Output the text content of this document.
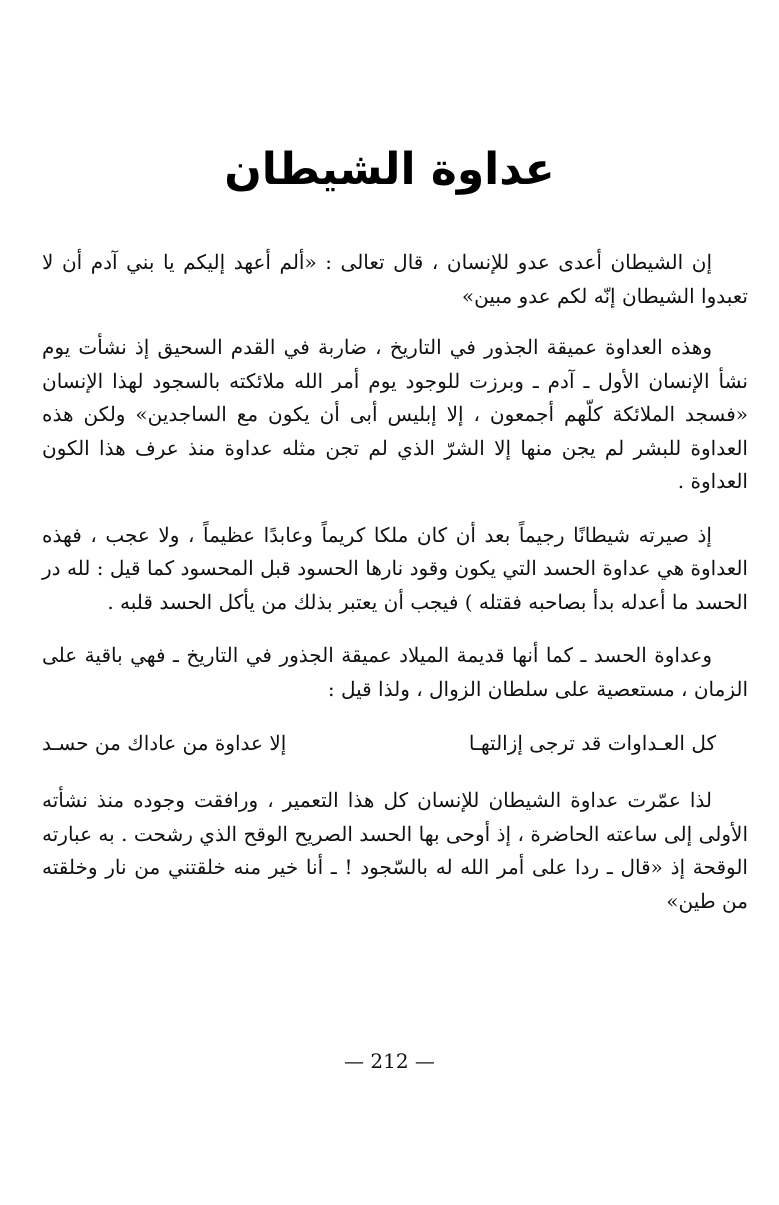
عداوة الشيطان

إن الشيطان أعدى عدو للإنسان ، قال تعالى : «ألم أعهد إليكم يا بني آدم أن لا تعبدوا الشيطان إنّه لكم عدو مبين»

وهذه العداوة عميقة الجذور في التاريخ ، ضاربة في القدم السحيق إذ نشأت يوم نشأ الإنسان الأول ـ آدم ـ وبرزت للوجود يوم أمر الله ملائكته بالسجود لهذا الإنسان «فسجد الملائكة كلّهم أجمعون ، إلا إبليس أبى أن يكون مع الساجدين» ولكن هذه العداوة للبشر لم يجن منها إلا الشرّ الذي لم تجن مثله عداوة منذ عرف هذا الكون العداوة .

إذ صيرته شيطانًا رجيماً بعد أن كان ملكا كريماً وعابدًا عظيماً ، ولا عجب ، فهذه العداوة هي عداوة الحسد التي يكون وقود نارها الحسود قبل المحسود كما قيل : لله در الحسد ما أعدله بدأ بصاحبه فقتله ) فيجب أن يعتبر بذلك من يأكل الحسد قلبه .

وعداوة الحسد ـ كما أنها قديمة الميلاد عميقة الجذور في التاريخ ـ فهي باقية على الزمان ، مستعصية على سلطان الزوال ، ولذا قيل :

كل العـداوات قد ترجى إزالتهـا
إلا عداوة من عاداك من حسـد

لذا عمّرت عداوة الشيطان للإنسان كل هذا التعمير ، ورافقت وجوده منذ نشأته الأولى إلى ساعته الحاضرة ، إذ أوحى بها الحسد الصريح الوقح الذي رشحت . به عبارته الوقحة إذ «قال ـ ردا على أمر الله له بالسّجود ! ـ أنا خير منه خلقتني من نار وخلقته من طين»

— 212 —
